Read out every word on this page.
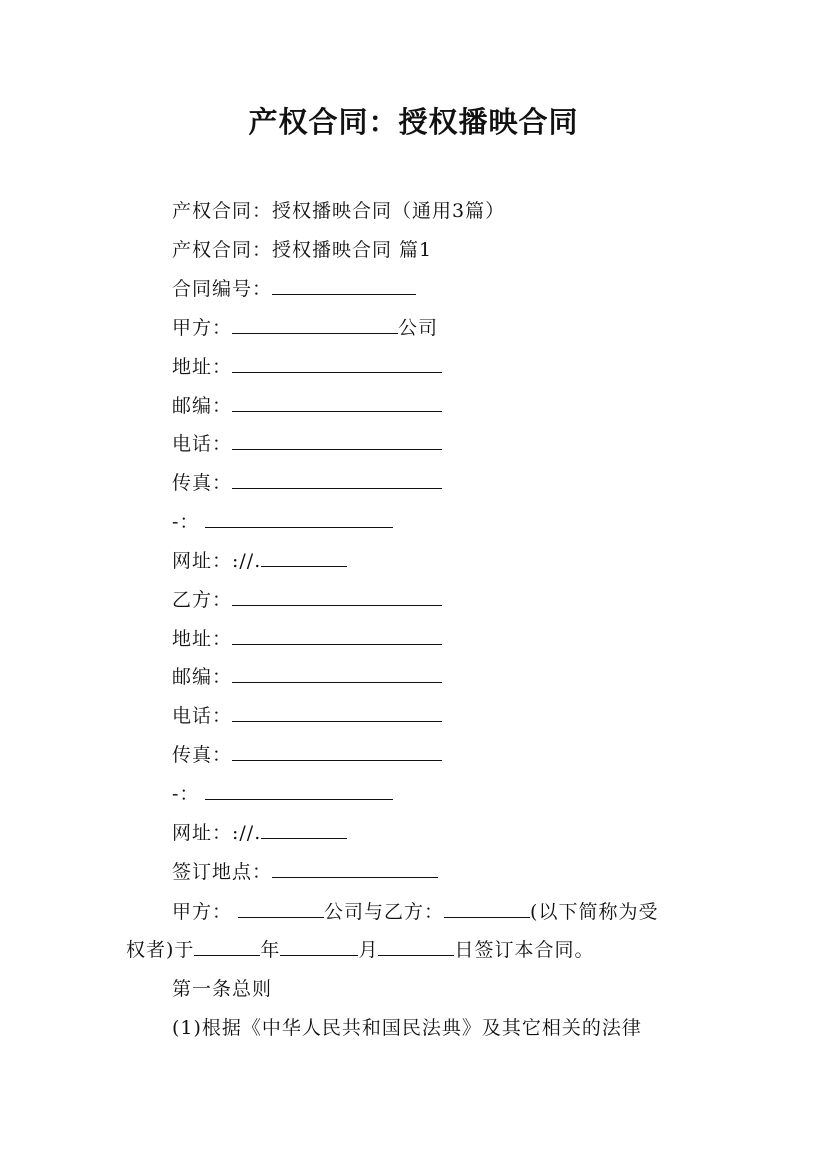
产权合同：授权播映合同
产权合同：授权播映合同（通用3篇）
产权合同：授权播映合同 篇1
合同编号：
甲方：	公司
地址：
邮编：
电话：
传真：
-：
网址：://.
乙方：
地址：
邮编：
电话：
传真：
-：
网址：://.
签订地点：
甲方：	公司与乙方：	(以下简称为受
权者)于	年	月	日签订本合同。
第一条总则
(1)根据《中华人民共和国民法典》及其它相关的法律
